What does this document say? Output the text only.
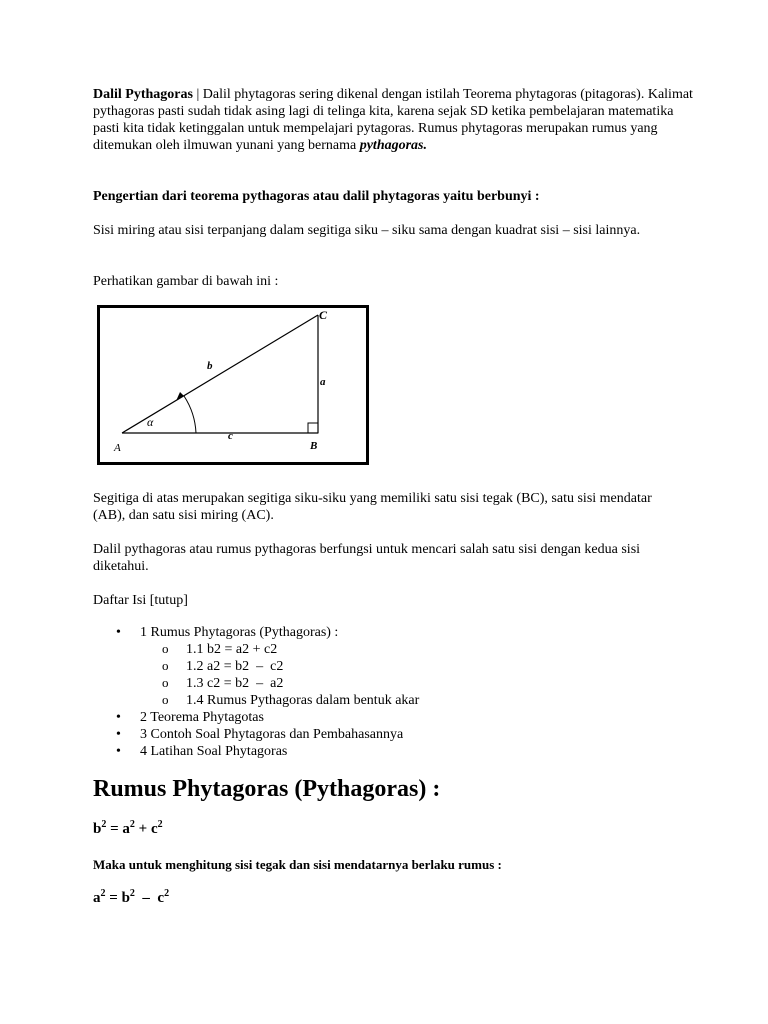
Dalil Pythagoras | Dalil phytagoras sering dikenal dengan istilah Teorema phytagoras (pitagoras). Kalimat pythagoras pasti sudah tidak asing lagi di telinga kita, karena sejak SD ketika pembelajaran matematika pasti kita tidak ketinggalan untuk mempelajari pytagoras. Rumus phytagoras merupakan rumus yang ditemukan oleh ilmuwan yunani yang bernama pythagoras.

Pengertian dari teorema pythagoras atau dalil phytagoras yaitu berbunyi :

Sisi miring atau sisi terpanjang dalam segitiga siku – siku sama dengan kuadrat sisi – sisi lainnya.

Perhatikan gambar di bawah ini :

A	B
C
a
b
c
α

Segitiga di atas merupakan segitiga siku-siku yang memiliki satu sisi tegak (BC), satu sisi mendatar (AB), dan satu sisi miring (AC).

Dalil pythagoras atau rumus pythagoras berfungsi untuk mencari salah satu sisi dengan kedua sisi diketahui.

Daftar Isi [tutup]

• 1 Rumus Phytagoras (Pythagoras) :
o 1.1 b2 = a2 + c2
o 1.2 a2 = b2  –  c2
o 1.3 c2 = b2  –  a2
o 1.4 Rumus Pythagoras dalam bentuk akar
• 2 Teorema Phytagotas
• 3 Contoh Soal Phytagoras dan Pembahasannya
• 4 Latihan Soal Phytagoras
Rumus Phytagoras (Pythagoras) :
$b^2 = a^2 + c^2$

Maka untuk menghitung sisi tegak dan sisi mendatarnya berlaku rumus :

$a^2 = b^2 - c^2$
